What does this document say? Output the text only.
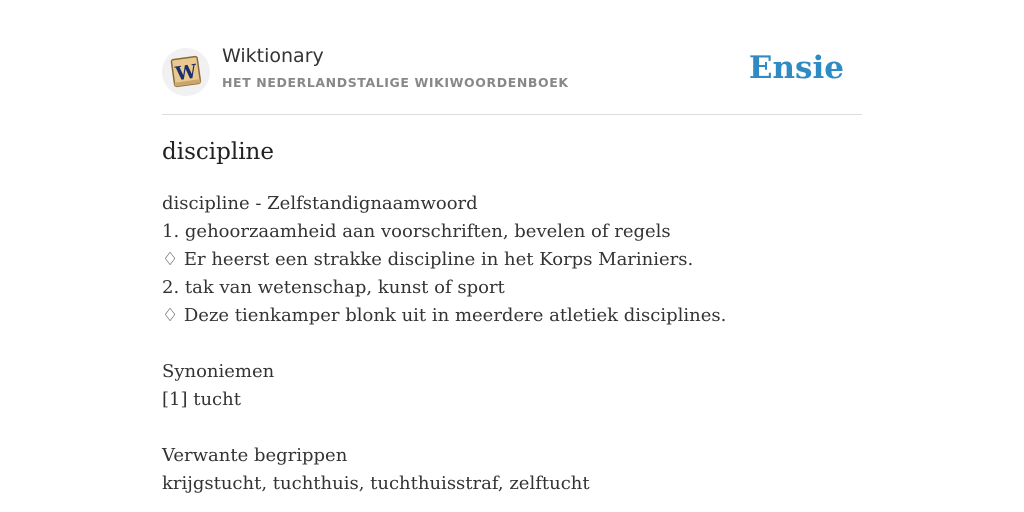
W
Wiktionary
HET NEDERLANDSTALIGE WIKIWOORDENBOEK	Ensie
discipline
discipline - Zelfstandignaamwoord
1. gehoorzaamheid aan voorschriften, bevelen of regels
♢ Er heerst een strakke discipline in het Korps Mariniers.
2. tak van wetenschap, kunst of sport
♢ Deze tienkamper blonk uit in meerdere atletiek disciplines.
Synoniemen
[1] tucht
Verwante begrippen
krijgstucht, tuchthuis, tuchthuisstraf, zelftucht
